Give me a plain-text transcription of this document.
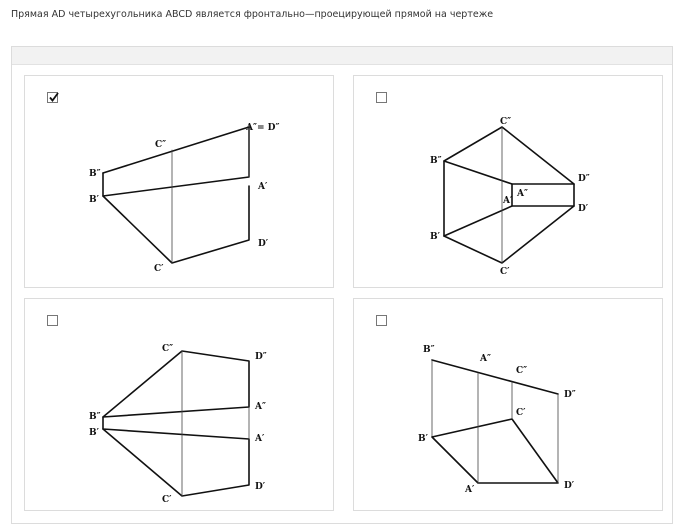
Прямая AD четырехугольника ABCD является фронтально—проецирующей прямой на чертеже
C″
A″= D″
B″
B′
A′
D′
C′
C″
B″
A″
A′
D″
D′
B′
C′
C″
D″
B″
A″
B′
A′
C′
D′
B″
A″
C″
D″
C′
B′
A′	D′
